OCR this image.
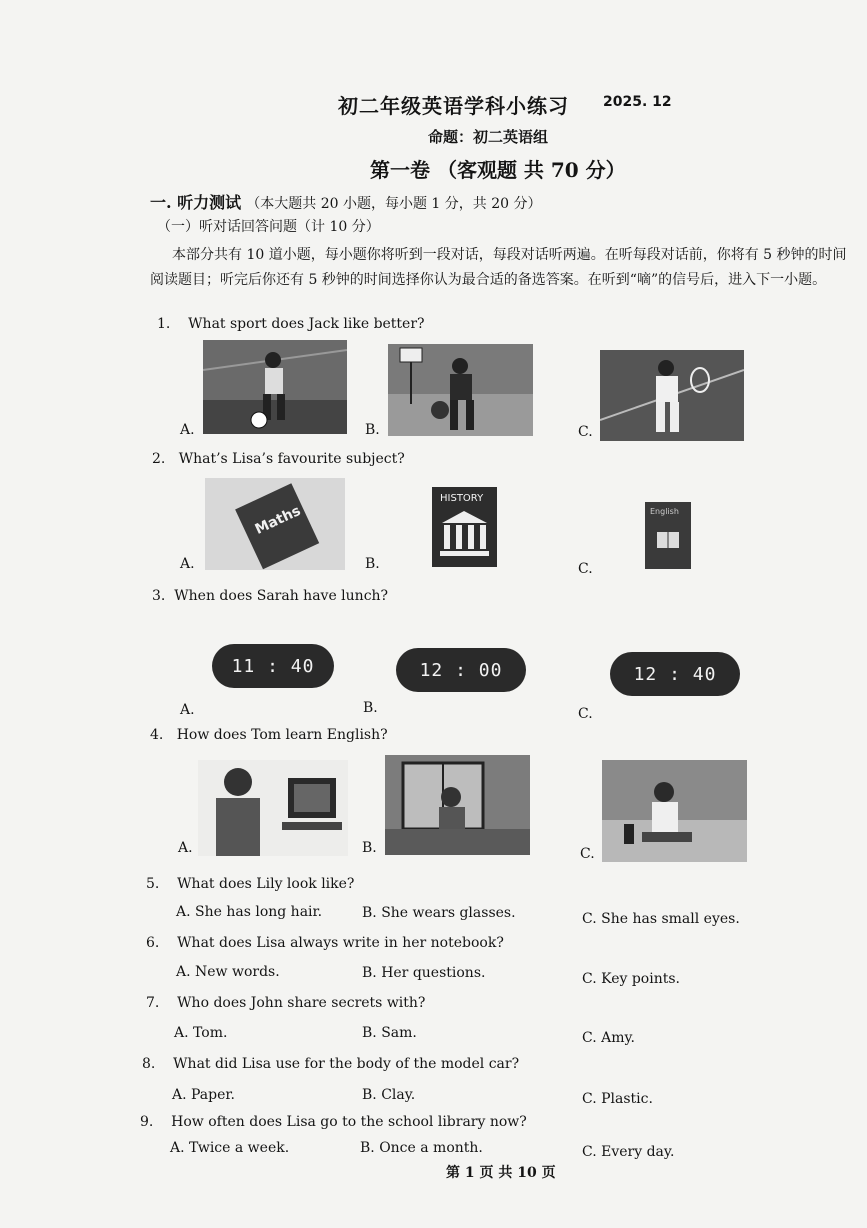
初二年级英语学科小练习 2025. 12
命题：初二英语组
第一卷 （客观题 共 70 分）
一. 听力测试 （本大题共 20 小题，每小题 1 分，共 20 分）
（一）听对话回答问题（计 10 分）
本部分共有 10 道小题，每小题你将听到一段对话，每段对话听两遍。在听每段对话前，你将有 5 秒钟的时间阅读题目；听完后你还有 5 秒钟的时间选择你认为最合适的备选答案。在听到“嘀”的信号后，进入下一小题。
1. What sport does Jack like better?
A.	B.	C.
2. What’s Lisa’s favourite subject?
A.	B.	C.
Maths
HISTORY
English
3. When does Sarah have lunch?
11 : 40	12 : 00	12 : 40
A.	B.	C.
4. How does Tom learn English?
A.	B.	C.
5. What does Lily look like?
A. She has long hair.	B. She wears glasses.	C. She has small eyes.
6. What does Lisa always write in her notebook?
A. New words.	B. Her questions.	C. Key points.
7. Who does John share secrets with?
A. Tom.	B. Sam.	C. Amy.
8. What did Lisa use for the body of the model car?
A. Paper.	B. Clay.	C. Plastic.
9. How often does Lisa go to the school library now?
A. Twice a week.	B. Once a month.	C. Every day.
第 1 页 共 10 页
